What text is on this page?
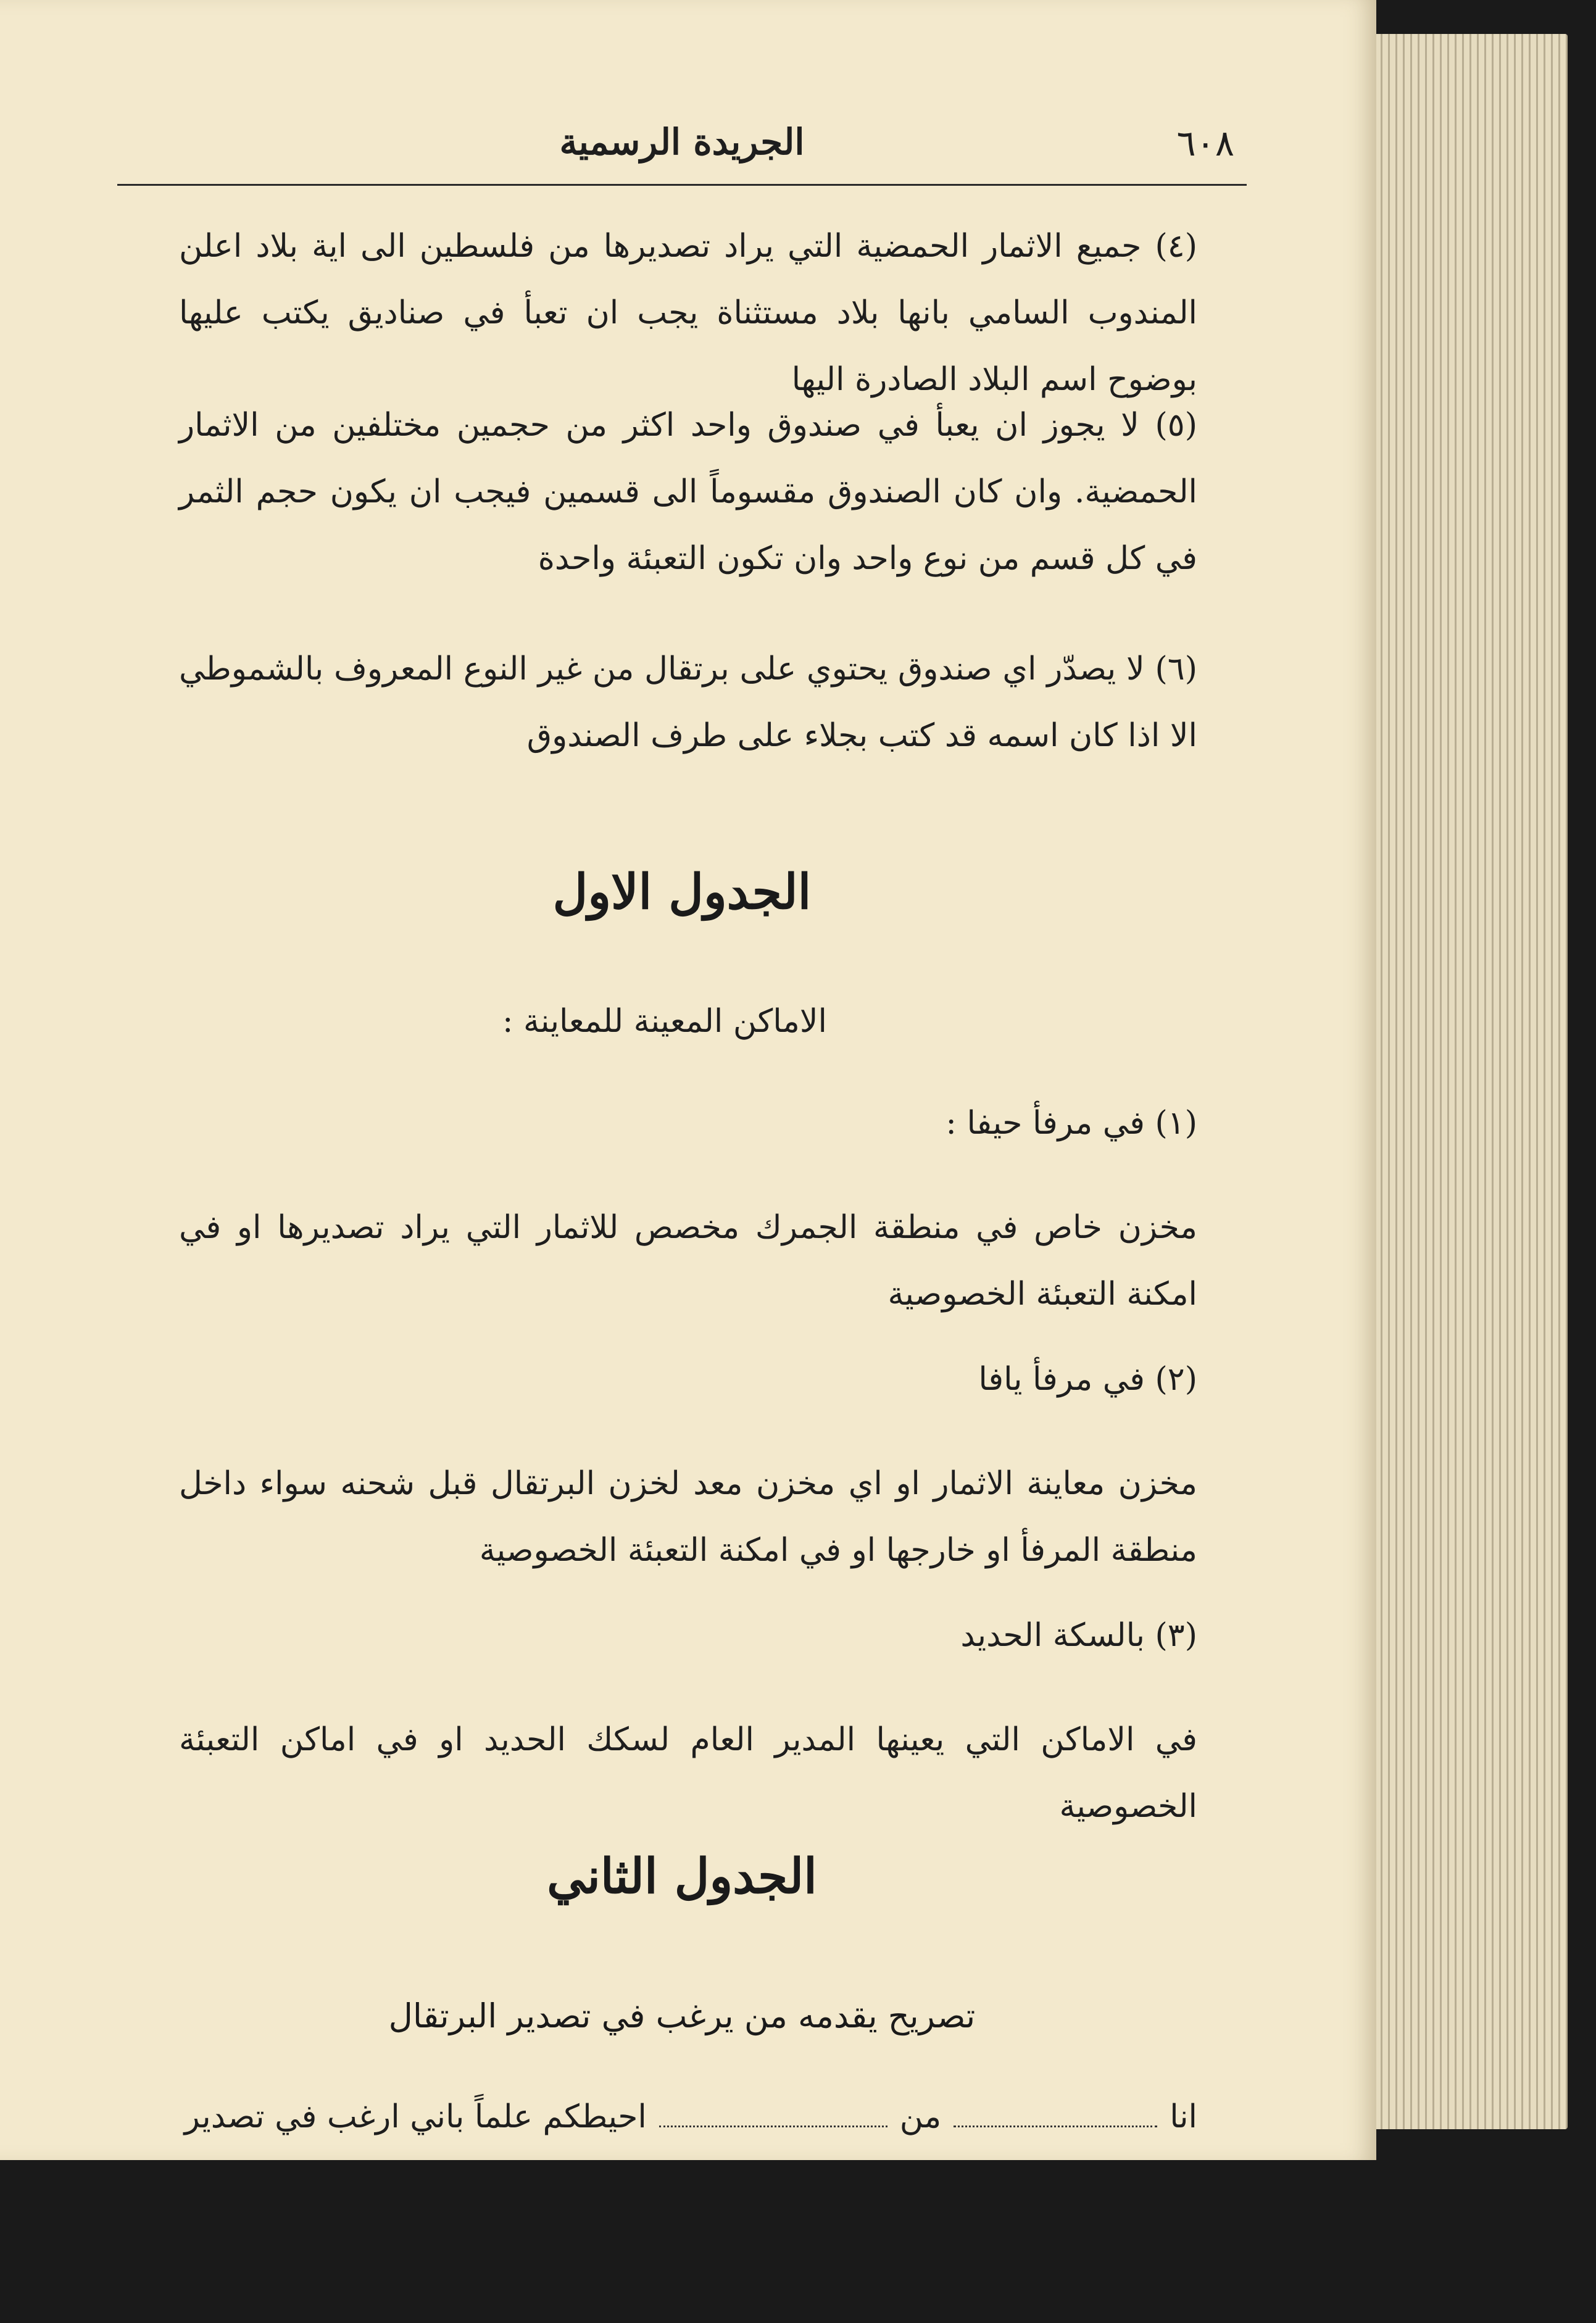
٦٠٨
الجريدة الرسمية
(٤) جميع الاثمار الحمضية التي يراد تصديرها من فلسطين الى اية بلاد اعلن المندوب السامي بانها بلاد مستثناة يجب ان تعبأ في صناديق يكتب عليها بوضوح اسم البلاد الصادرة اليها
(٥) لا يجوز ان يعبأ في صندوق واحد اكثر من حجمين مختلفين من الاثمار الحمضية. وان كان الصندوق مقسوماً الى قسمين فيجب ان يكون حجم الثمر في كل قسم من نوع واحد وان تكون التعبئة واحدة
(٦) لا يصدّر اي صندوق يحتوي على برتقال من غير النوع المعروف بالشموطي الا اذا كان اسمه قد كتب بجلاء على طرف الصندوق
الجدول الاول
الاماكن المعينة للمعاينة :
(١) في مرفأ حيفا :
مخزن خاص في منطقة الجمرك مخصص للاثمار التي يراد تصديرها او في امكنة التعبئة الخصوصية
(٢) في مرفأ يافا
مخزن معاينة الاثمار او اي مخزن معد لخزن البرتقال قبل شحنه سواء داخل منطقة المرفأ او خارجها او في امكنة التعبئة الخصوصية
(٣) بالسكة الحديد
في الاماكن التي يعينها المدير العام لسكك الحديد او في اماكن التعبئة الخصوصية
الجدول الثاني
تصريح يقدمه من يرغب في تصدير البرتقال
انا
من
احيطكم علماً باني ارغب في تصدير
